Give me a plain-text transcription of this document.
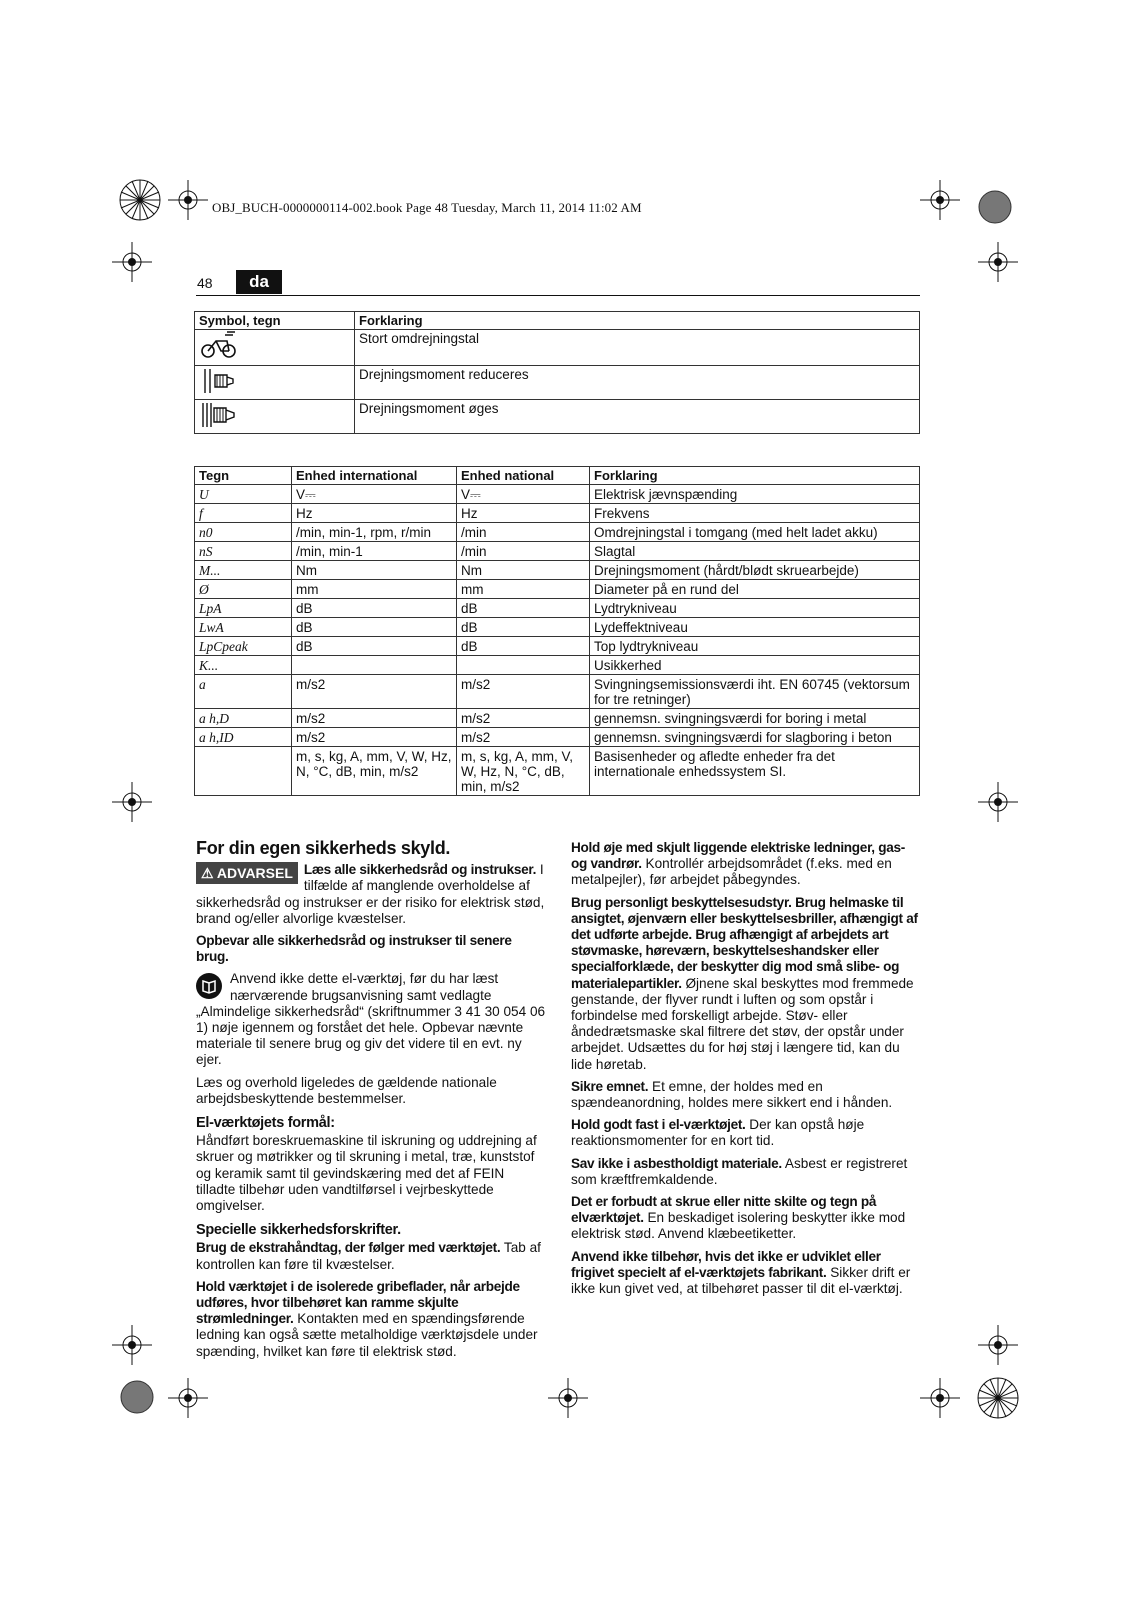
OBJ_BUCH-0000000114-002.book Page 48 Tuesday, March 11, 2014 11:02 AM
48	da
Symbol, tegn	Forklaring
	Stort omdrejningstal
	Drejningsmoment reduceres
	Drejningsmoment øges
Tegn	Enhed international	Enhed national	Forklaring
U	V⎓	V⎓	Elektrisk jævnspænding
f	Hz	Hz	Frekvens
n0	/min, min-1, rpm, r/min	/min	Omdrejningstal i tomgang (med helt ladet akku)
nS	/min, min-1	/min	Slagtal
M...	Nm	Nm	Drejningsmoment (hårdt/blødt skruearbejde)
Ø	mm	mm	Diameter på en rund del
LpA	dB	dB	Lydtrykniveau
LwA	dB	dB	Lydeffektniveau
LpCpeak	dB	dB	Top lydtrykniveau
K...			Usikkerhed
a	m/s2	m/s2	Svingningsemissionsværdi iht. EN 60745 (vektorsum for tre retninger)
a h,D	m/s2	m/s2	gennemsn. svingningsværdi for boring i metal
a h,ID	m/s2	m/s2	gennemsn. svingningsværdi for slagboring i beton
	m, s, kg, A, mm, V, W, Hz, N, °C, dB, min, m/s2	m, s, kg, A, mm, V, W, Hz, N, °C, dB, min, m/s2	Basisenheder og afledte enheder fra det internationale enhedssystem SI.
For din egen sikkerheds skyld.

⚠ ADVARSEL Læs alle sikkerhedsråd og instrukser. I tilfælde af manglende overholdelse af sikkerhedsråd og instrukser er der risiko for elektrisk stød, brand og/eller alvorlige kvæstelser.

Opbevar alle sikkerhedsråd og instrukser til senere brug.

Anvend ikke dette el-værktøj, før du har læst nærværende brugsanvisning samt vedlagte „Almindelige sikkerhedsråd“ (skriftnummer 3 41 30 054 06 1) nøje igennem og forstået det hele. Opbevar nævnte materiale til senere brug og giv det videre til en evt. ny ejer.

Læs og overhold ligeledes de gældende nationale arbejdsbeskyttende bestemmelser.

El-værktøjets formål:

Håndført boreskruemaskine til iskruning og uddrejning af skruer og møtrikker og til skruning i metal, træ, kunststof og keramik samt til gevindskæring med det af FEIN tilladte tilbehør uden vandtilførsel i vejrbeskyttede omgivelser.

Specielle sikkerhedsforskrifter.

Brug de ekstrahåndtag, der følger med værktøjet. Tab af kontrollen kan føre til kvæstelser.

Hold værktøjet i de isolerede gribeflader, når arbejde udføres, hvor tilbehøret kan ramme skjulte strømledninger. Kontakten med en spændingsførende ledning kan også sætte metalholdige værktøjsdele under spænding, hvilket kan føre til elektrisk stød.

Hold øje med skjult liggende elektriske ledninger, gas- og vandrør. Kontrollér arbejdsområdet (f.eks. med en metalpejler), før arbejdet påbegyndes.

Brug personligt beskyttelsesudstyr. Brug helmaske til ansigtet, øjenværn eller beskyttelsesbriller, afhængigt af det udførte arbejde. Brug afhængigt af arbejdets art støvmaske, høreværn, beskyttelseshandsker eller specialforklæde, der beskytter dig mod små slibe- og materialepartikler. Øjnene skal beskyttes mod fremmede genstande, der flyver rundt i luften og som opstår i forbindelse med forskelligt arbejde. Støv- eller åndedrætsmaske skal filtrere det støv, der opstår under arbejdet. Udsættes du for høj støj i længere tid, kan du lide høretab.

Sikre emnet. Et emne, der holdes med en spændeanordning, holdes mere sikkert end i hånden.

Hold godt fast i el-værktøjet. Der kan opstå høje reaktionsmomenter for en kort tid.

Sav ikke i asbestholdigt materiale. Asbest er registreret som kræftfremkaldende.

Det er forbudt at skrue eller nitte skilte og tegn på elværktøjet. En beskadiget isolering beskytter ikke mod elektrisk stød. Anvend klæbeetiketter.

Anvend ikke tilbehør, hvis det ikke er udviklet eller frigivet specielt af el-værktøjets fabrikant. Sikker drift er ikke kun givet ved, at tilbehøret passer til dit el-værktøj.
